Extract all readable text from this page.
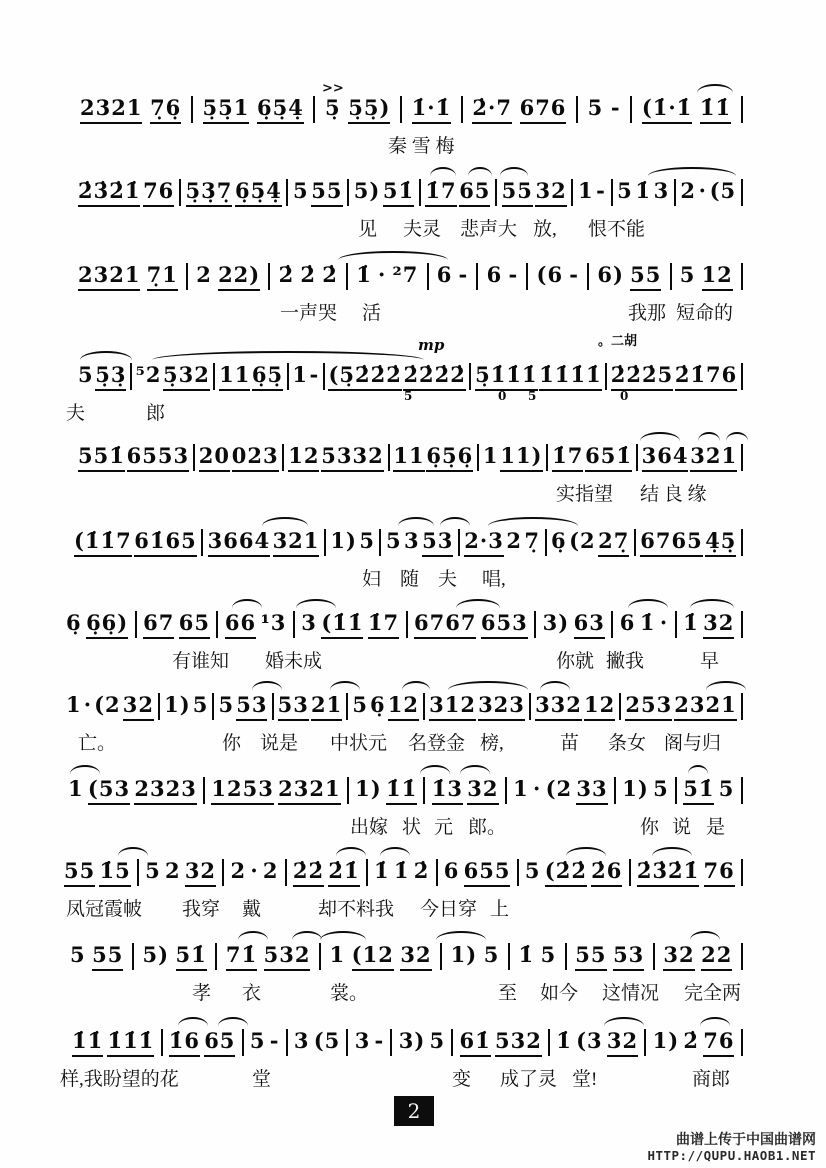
2321 7̣6̣ 5̣5̣1 6̣5̣4̣ 5̣ 5̣5̣) 1̇·1̇ 2̇·7 676 5 - (1̇·1̇ 1̇1̇
>>
秦 雪 梅
2̇3̇2̇1̇ 76 5̣3̣7̣ 6̣5̣4̣ 5 55 5) 51̇ 1̇7 65 55 32 1 - 5 1̇ 3 2 · (5
见 夫灵 悲声大 放, 恨不能
2321 7̣1 2 22) 2̇ 2̇ 2̇ 1̇ · ²7 6 - 6 - (6 - 6) 55 5 12
一声哭 活	我那 短命的
5 5̣3̣ ⁵2 5̣32 11 6̣5̣ 1 - (5̣2̇2̇2̇ 2̇2̇2̇2̇ 5̣1̇1̇1̇ 1̇1̇1̇1̇ 2̇2̇2̇5 2̇1̇76
mp	。二胡
5	0 5	0
夫	郎
551̇ 6553 20 023 12 5332 11 6̣5̣6̣ 1 11) 1̇7 651̇ 364 321
实指望 结 良 缘
(1̇1̇7 61̇65 3664 321 1) 5 5 3 53 2·3 2 7̣ 6̣ (2 27̣ 6765 4̣5̣
妇 随 夫 唱,
6̣ 6̣6̣) 67 65 66 ¹3 3 (1̇1̇ 1̇7 6767 653 3) 63 6 1̇ · 1̇ 32
有谁知 婚未成	你就 撇我	早
1 · (2 32 1) 5 5 53 53 21 5 6̣ 12 312 323 332 12 253 2321
亡。	你 说是 中状元 名登金 榜,	苗 条女 阁与归
1 (53 2323 1253 2321 1) 1̇1̇ 1̇3 32 1 · (2 33 1) 5 51̇ 5
出嫁 状 元 郎。	你 说 是
55 1̇5 5 2 32 2 · 2 2̇2̇ 2̇1̇ 1̇ 1̇ 2̇ 6 655 5 (2̇2̇ 2̇6 2̇3̇2̇1̇ 76
凤冠霞帔 我穿 戴	却不料我 今日穿 上
5 55 5) 51̇ 71̇ 532 1 (12 32 1) 5 1̇ 5 55 53 32 22
孝 衣	裳。	至 如今 这情况 完全两
1̇1̇ 1̇1̇1̇ 1̇6 65 5 - 3 (5 3 - 3) 5 61̇ 532 1̇ (3 32 1) 2̇ 76
样,我盼望的花	堂	变 成了灵 堂!	商郎
2
曲谱上传于中国曲谱网
HTTP://QUPU.HAOB1.NET
